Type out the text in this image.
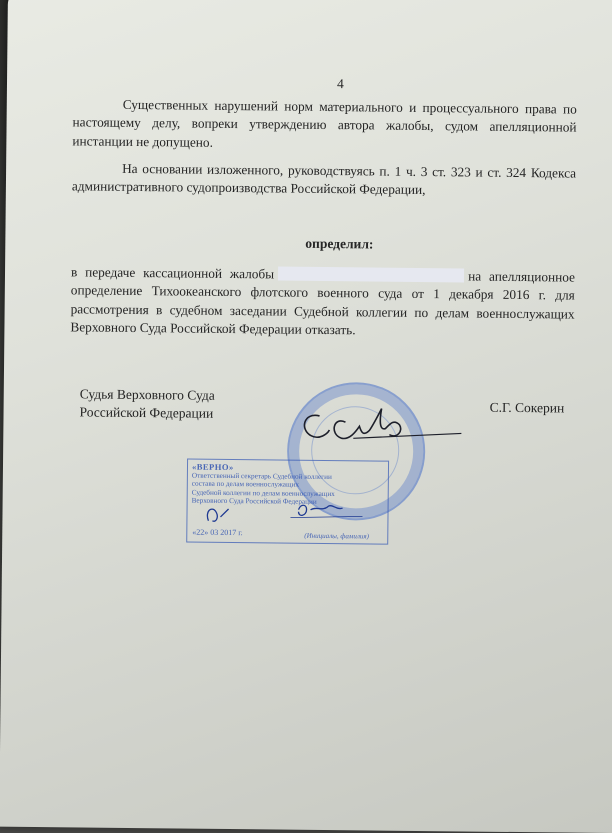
4
Существенных нарушений норм материального и процессуального права по настоящему делу, вопреки утверждению автора жалобы, судом апелляционной инстанции не допущено.
На основании изложенного, руководствуясь п. 1 ч. 3 ст. 323 и ст. 324 Кодекса административного судопроизводства Российской Федерации,
определил:
в передаче кассационной жалобы	на апелляционное определение Тихоокеанского флотского военного суда от 1 декабря 2016 г. для рассмотрения в судебном заседании Судебной коллегии по делам военнослужащих Верховного Суда Российской Федерации отказать.
Судья Верховного Суда
Российской Федерации	С.Г. Сокерин
«ВЕРНО»
Ответственный секретарь Судебной коллегии
состава по делам военнослужащих
Судебной коллегии по делам военнослужащих
Верховного Суда Российской Федерации
«22» 03 2017 г.	(Инициалы, фамилия)
